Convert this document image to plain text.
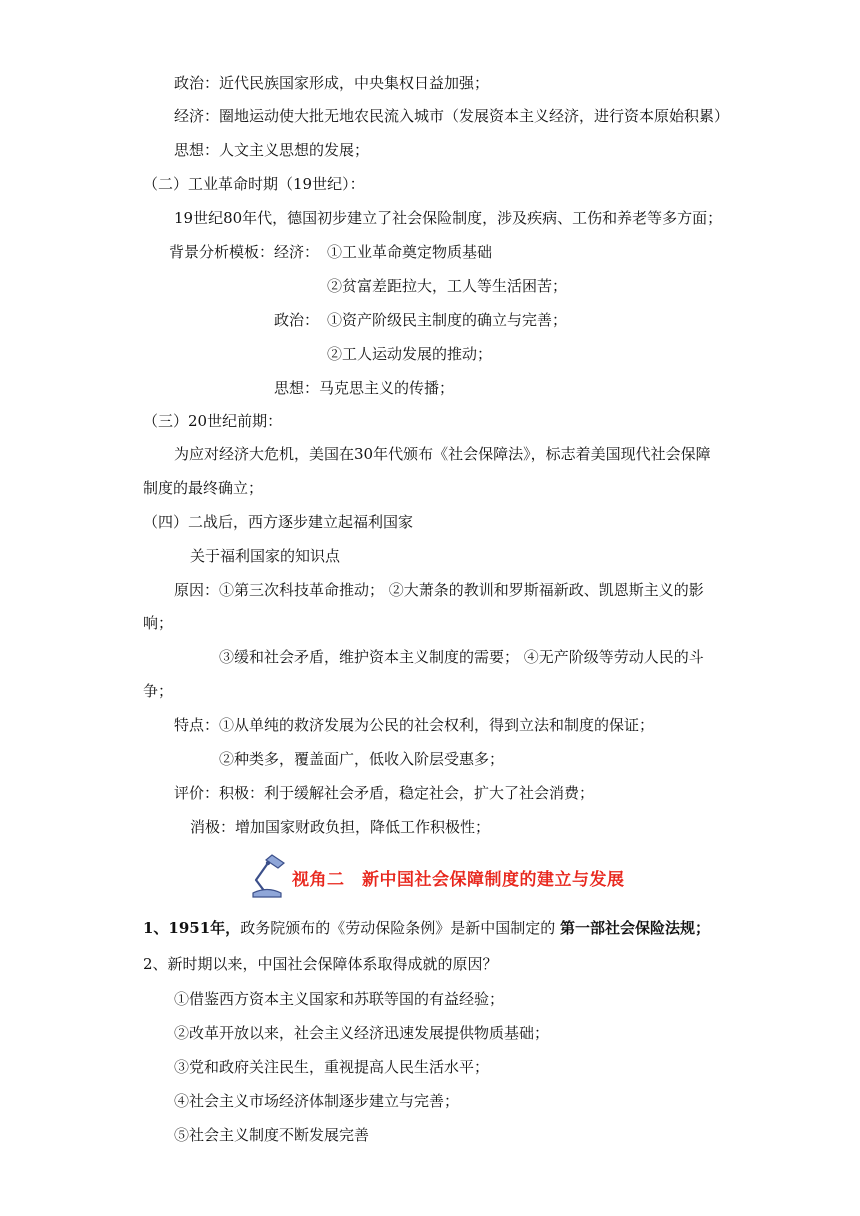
政治：近代民族国家形成，中央集权日益加强；
经济：圈地运动使大批无地农民流入城市（发展资本主义经济，进行资本原始积累）
思想：人文主义思想的发展；
（二）工业革命时期（19世纪）：
19世纪80年代，德国初步建立了社会保险制度，涉及疾病、工伤和养老等多方面；
背景分析模板：经济： ①工业革命奠定物质基础
②贫富差距拉大，工人等生活困苦；
政治： ①资产阶级民主制度的确立与完善；
②工人运动发展的推动；
思想：马克思主义的传播；
（三）20世纪前期：
为应对经济大危机，美国在30年代颁布《社会保障法》，标志着美国现代社会保障
制度的最终确立；
（四）二战后，西方逐步建立起福利国家
关于福利国家的知识点
原因：①第三次科技革命推动； ②大萧条的教训和罗斯福新政、凯恩斯主义的影
响；
③缓和社会矛盾，维护资本主义制度的需要； ④无产阶级等劳动人民的斗
争；
特点：①从单纯的救济发展为公民的社会权利，得到立法和制度的保证；
②种类多，覆盖面广，低收入阶层受惠多；
评价：积极：利于缓解社会矛盾，稳定社会，扩大了社会消费；
消极：增加国家财政负担，降低工作积极性；
视角二　新中国社会保障制度的建立与发展
1、1951年，政务院颁布的《劳动保险条例》是新中国制定的 第一部社会保险法规；
2、新时期以来，中国社会保障体系取得成就的原因？
①借鉴西方资本主义国家和苏联等国的有益经验；
②改革开放以来，社会主义经济迅速发展提供物质基础；
③党和政府关注民生，重视提高人民生活水平；
④社会主义市场经济体制逐步建立与完善；
⑤社会主义制度不断发展完善
